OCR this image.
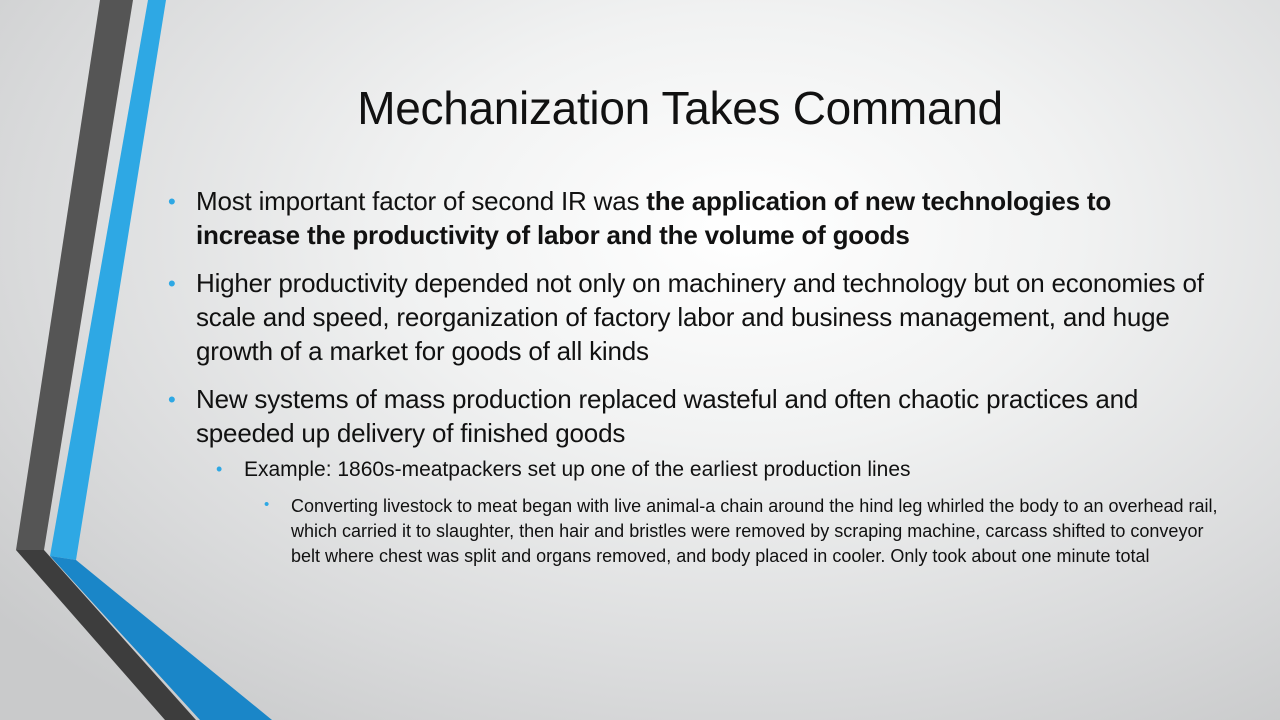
Mechanization Takes Command
• Most important factor of second IR was the application of new technologies to increase the productivity of labor and the volume of goods
• Higher productivity depended not only on machinery and technology but on economies of scale and speed, reorganization of factory labor and business management, and huge growth of a market for goods of all kinds
• New systems of mass production replaced wasteful and often chaotic practices and speeded up delivery of finished goods
• Example: 1860s-meatpackers set up one of the earliest production lines
• Converting livestock to meat began with live animal-a chain around the hind leg whirled the body to an overhead rail, which carried it to slaughter, then hair and bristles were removed by scraping machine, carcass shifted to conveyor belt where chest was split and organs removed, and body placed in cooler. Only took about one minute total
